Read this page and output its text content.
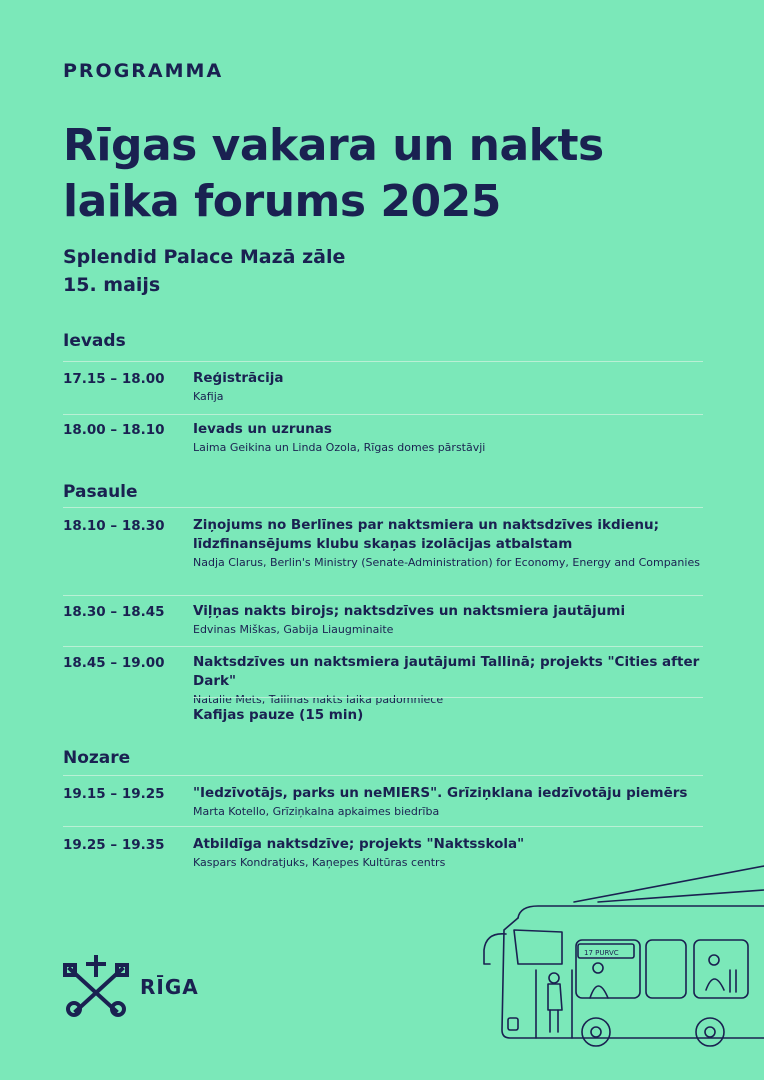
PROGRAMMA
Rīgas vakara un nakts laika forums 2025
Splendid Palace Mazā zāle
15. maijs
Ievads
17.15 – 18.00 Reģistrācija
Kafija
18.00 – 18.10 Ievads un uzrunas
Laima Geikina un Linda Ozola, Rīgas domes pārstāvji
Pasaule
18.10 – 18.30 Ziņojums no Berlīnes par naktsmiera un naktsdzīves ikdienu; līdzfinansējums klubu skaņas izolācijas atbalstam
Nadja Clarus, Berlin's Ministry (Senate-Administration) for Economy, Energy and Companies
18.30 – 18.45 Viļņas nakts birojs; naktsdzīves un naktsmiera jautājumi
Edvinas Miškas, Gabija Liaugminaite
18.45 – 19.00 Naktsdzīves un naktsmiera jautājumi Tallinā; projekts "Cities after Dark"
Natalie Mets, Tallinas nakts laika padomniece
Kafijas pauze (15 min)
Nozare
19.15 – 19.25 "Iedzīvotājs, parks un neMIERS". Grīziņklana iedzīvotāju piemērs
Marta Kotello, Grīziņkalna apkaimes biedrība
19.25 – 19.35 Atbildīga naktsdzīve; projekts "Naktsskola"
Kaspars Kondratjuks, Kaņepes Kultūras centrs
RĪGA
17 PURVC
